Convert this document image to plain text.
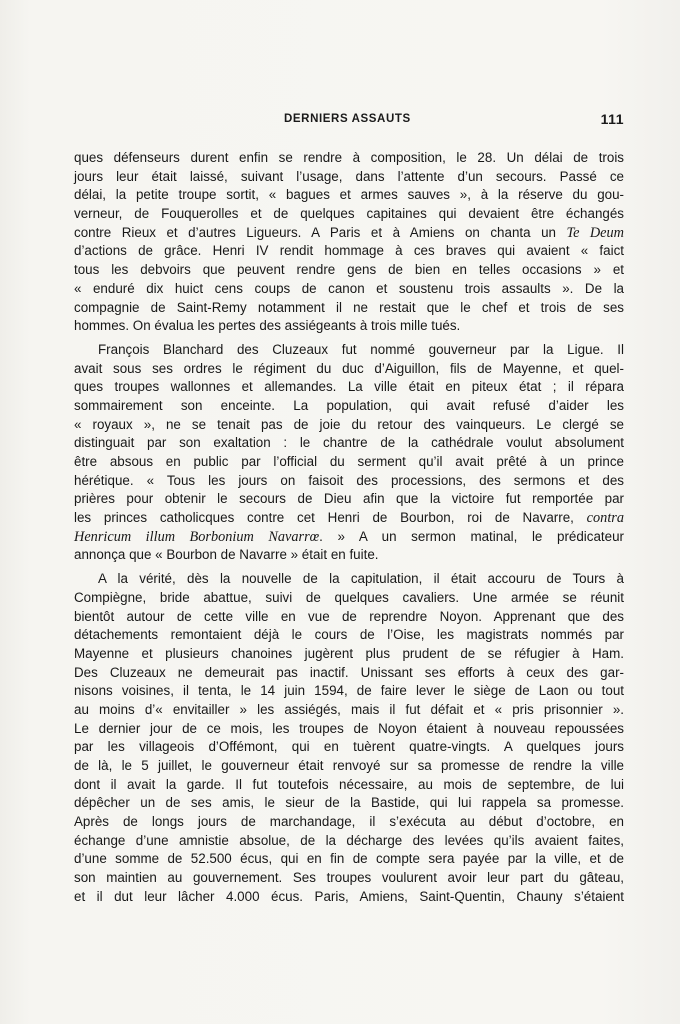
DERNIERS ASSAUTS	111
ques défenseurs durent enfin se rendre à composition, le 28. Un délai de trois
jours leur était laissé, suivant l’usage, dans l’attente d’un secours. Passé ce
délai, la petite troupe sortit, « bagues et armes sauves », à la réserve du gou-
verneur, de Fouquerolles et de quelques capitaines qui devaient être échangés
contre Rieux et d’autres Ligueurs. A Paris et à Amiens on chanta un Te Deum
d’actions de grâce. Henri IV rendit hommage à ces braves qui avaient « faict
tous les debvoirs que peuvent rendre gens de bien en telles occasions » et
« enduré dix huict cens coups de canon et soustenu trois assaults ». De la
compagnie de Saint-Remy notamment il ne restait que le chef et trois de ses
hommes. On évalua les pertes des assiégeants à trois mille tués.
François Blanchard des Cluzeaux fut nommé gouverneur par la Ligue. Il
avait sous ses ordres le régiment du duc d’Aiguillon, fils de Mayenne, et quel-
ques troupes wallonnes et allemandes. La ville était en piteux état ; il répara
sommairement son enceinte. La population, qui avait refusé d’aider les
« royaux », ne se tenait pas de joie du retour des vainqueurs. Le clergé se
distinguait par son exaltation : le chantre de la cathédrale voulut absolument
être absous en public par l’official du serment qu’il avait prêté à un prince
hérétique. « Tous les jours on faisoit des processions, des sermons et des
prières pour obtenir le secours de Dieu afin que la victoire fut remportée par
les princes catholicques contre cet Henri de Bourbon, roi de Navarre, contra
Henricum illum Borbonium Navarrœ. » A un sermon matinal, le prédicateur
annonça que « Bourbon de Navarre » était en fuite.
A la vérité, dès la nouvelle de la capitulation, il était accouru de Tours à
Compiègne, bride abattue, suivi de quelques cavaliers. Une armée se réunit
bientôt autour de cette ville en vue de reprendre Noyon. Apprenant que des
détachements remontaient déjà le cours de l’Oise, les magistrats nommés par
Mayenne et plusieurs chanoines jugèrent plus prudent de se réfugier à Ham.
Des Cluzeaux ne demeurait pas inactif. Unissant ses efforts à ceux des gar-
nisons voisines, il tenta, le 14 juin 1594, de faire lever le siège de Laon ou tout
au moins d’« envitailler » les assiégés, mais il fut défait et « pris prisonnier ».
Le dernier jour de ce mois, les troupes de Noyon étaient à nouveau repoussées
par les villageois d’Offémont, qui en tuèrent quatre-vingts. A quelques jours
de là, le 5 juillet, le gouverneur était renvoyé sur sa promesse de rendre la ville
dont il avait la garde. Il fut toutefois nécessaire, au mois de septembre, de lui
dépêcher un de ses amis, le sieur de la Bastide, qui lui rappela sa promesse.
Après de longs jours de marchandage, il s’exécuta au début d’octobre, en
échange d’une amnistie absolue, de la décharge des levées qu’ils avaient faites,
d’une somme de 52.500 écus, qui en fin de compte sera payée par la ville, et de
son maintien au gouvernement. Ses troupes voulurent avoir leur part du gâteau,
et il dut leur lâcher 4.000 écus. Paris, Amiens, Saint-Quentin, Chauny s’étaient
